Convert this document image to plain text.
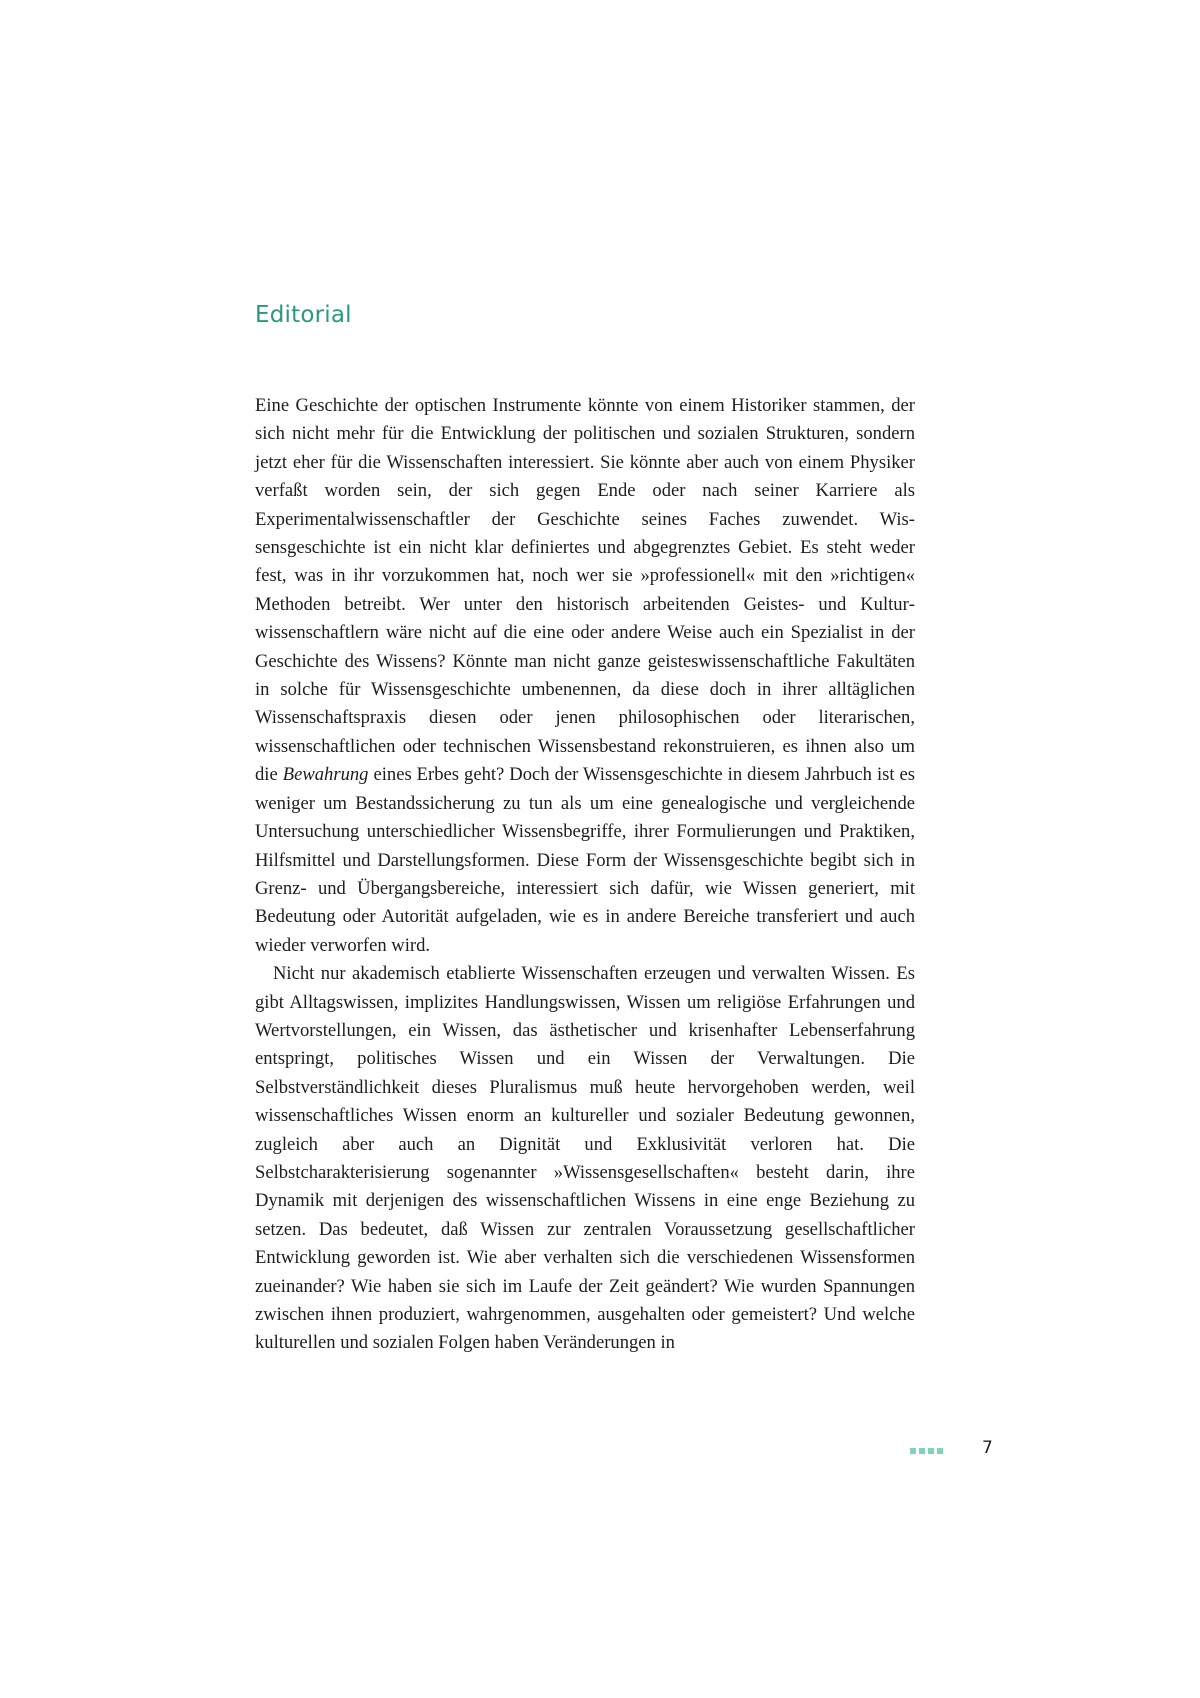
Editorial

Eine Geschichte der optischen Instrumente könnte von einem Historiker stammen, der sich nicht mehr für die Entwicklung der politischen und sozialen Strukturen, sondern jetzt eher für die Wissenschaften interessiert. Sie könnte aber auch von einem Physiker verfaßt worden sein, der sich gegen Ende oder nach seiner Karriere als Experimentalwissenschaftler der Geschichte seines Faches zuwendet. Wissensgeschichte ist ein nicht klar definiertes und abgegrenztes Gebiet. Es steht weder fest, was in ihr vorzukommen hat, noch wer sie »professionell« mit den »richtigen« Methoden betreibt. Wer unter den historisch arbeitenden Geistes- und Kulturwissenschaftlern wäre nicht auf die eine oder andere Weise auch ein Spezialist in der Geschichte des Wissens? Könnte man nicht ganze geisteswissenschaftliche Fakultäten in solche für Wissensgeschichte umbenennen, da diese doch in ihrer alltäglichen Wissenschaftspraxis diesen oder jenen philosophischen oder literarischen, wissenschaftlichen oder technischen Wissensbestand rekonstruieren, es ihnen also um die Bewahrung eines Erbes geht? Doch der Wissensgeschichte in diesem Jahrbuch ist es weniger um Bestandssicherung zu tun als um eine genealogische und vergleichende Untersuchung unterschiedlicher Wissensbegriffe, ihrer Formulierungen und Praktiken, Hilfsmittel und Darstellungsformen. Diese Form der Wissensgeschichte begibt sich in Grenz- und Übergangsbereiche, interessiert sich dafür, wie Wissen generiert, mit Bedeutung oder Autorität aufgeladen, wie es in andere Bereiche transferiert und auch wieder verworfen wird.

Nicht nur akademisch etablierte Wissenschaften erzeugen und verwalten Wissen. Es gibt Alltagswissen, implizites Handlungswissen, Wissen um religiöse Erfahrungen und Wertvorstellungen, ein Wissen, das ästhetischer und krisenhafter Lebenserfahrung entspringt, politisches Wissen und ein Wissen der Verwaltungen. Die Selbstverständlichkeit dieses Pluralismus muß heute hervorgehoben werden, weil wissenschaftliches Wissen enorm an kultureller und sozialer Bedeutung gewonnen, zugleich aber auch an Dignität und Exklusivität verloren hat. Die Selbstcharakterisierung sogenannter »Wissensgesellschaften« besteht darin, ihre Dynamik mit derjenigen des wissenschaftlichen Wissens in eine enge Beziehung zu setzen. Das bedeutet, daß Wissen zur zentralen Voraussetzung gesellschaftlicher Entwicklung geworden ist. Wie aber verhalten sich die verschiedenen Wissensformen zueinander? Wie haben sie sich im Laufe der Zeit geändert? Wie wurden Spannungen zwischen ihnen produziert, wahrgenommen, ausgehalten oder gemeistert? Und welche kulturellen und sozialen Folgen haben Veränderungen in

7
